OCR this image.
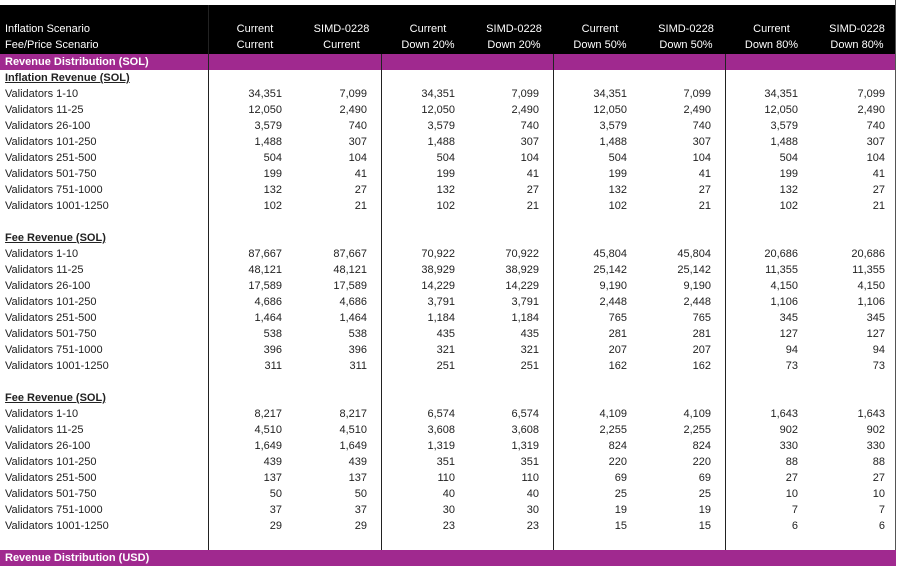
Inflation Scenario	Current	SIMD-0228	Current	SIMD-0228	Current	SIMD-0228	Current	SIMD-0228
Fee/Price Scenario	Current	Current	Down 20%	Down 20%	Down 50%	Down 50%	Down 80%	Down 80%
Revenue Distribution (SOL)
Inflation Revenue (SOL)
Validators 1-10	34,351	7,099	34,351	7,099	34,351	7,099	34,351	7,099
Validators 11-25	12,050	2,490	12,050	2,490	12,050	2,490	12,050	2,490
Validators 26-100	3,579	740	3,579	740	3,579	740	3,579	740
Validators 101-250	1,488	307	1,488	307	1,488	307	1,488	307
Validators 251-500	504	104	504	104	504	104	504	104
Validators 501-750	199	41	199	41	199	41	199	41
Validators 751-1000	132	27	132	27	132	27	132	27
Validators 1001-1250	102	21	102	21	102	21	102	21
Fee Revenue (SOL)
Validators 1-10	87,667	87,667	70,922	70,922	45,804	45,804	20,686	20,686
Validators 11-25	48,121	48,121	38,929	38,929	25,142	25,142	11,355	11,355
Validators 26-100	17,589	17,589	14,229	14,229	9,190	9,190	4,150	4,150
Validators 101-250	4,686	4,686	3,791	3,791	2,448	2,448	1,106	1,106
Validators 251-500	1,464	1,464	1,184	1,184	765	765	345	345
Validators 501-750	538	538	435	435	281	281	127	127
Validators 751-1000	396	396	321	321	207	207	94	94
Validators 1001-1250	311	311	251	251	162	162	73	73
Fee Revenue (SOL)
Validators 1-10	8,217	8,217	6,574	6,574	4,109	4,109	1,643	1,643
Validators 11-25	4,510	4,510	3,608	3,608	2,255	2,255	902	902
Validators 26-100	1,649	1,649	1,319	1,319	824	824	330	330
Validators 101-250	439	439	351	351	220	220	88	88
Validators 251-500	137	137	110	110	69	69	27	27
Validators 501-750	50	50	40	40	25	25	10	10
Validators 751-1000	37	37	30	30	19	19	7	7
Validators 1001-1250	29	29	23	23	15	15	6	6
Revenue Distribution (USD)
